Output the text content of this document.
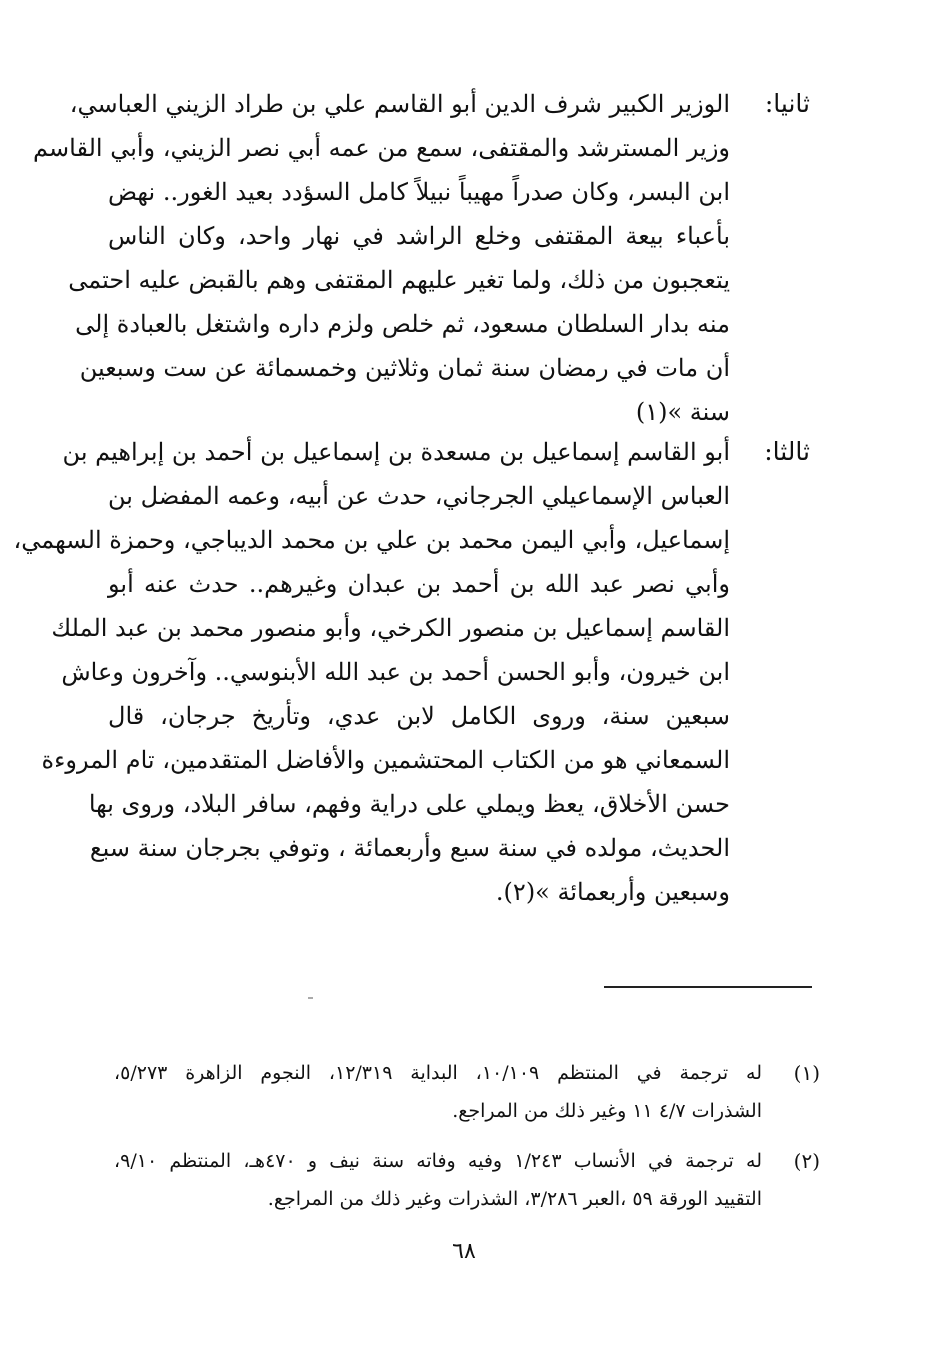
ثانيا:
الوزير الكبير شرف الدين أبو القاسم علي بن طراد الزيني العباسي،
وزير المسترشد والمقتفى، سمع من عمه أبي نصر الزيني، وأبي القاسم
ابن البسر، وكان صدراً مهيباً نبيلاً كامل السؤدد بعيد الغور.. نهض
بأعباء بيعة المقتفى وخلع الراشد في نهار واحد، وكان الناس
يتعجبون من ذلك، ولما تغير عليهم المقتفى وهم بالقبض عليه احتمى
منه بدار السلطان مسعود، ثم خلص ولزم داره واشتغل بالعبادة إلى
أن مات في رمضان سنة ثمان وثلاثين وخمسمائة عن ست وسبعين
سنة »(١)
ثالثا:
أبو القاسم إسماعيل بن مسعدة بن إسماعيل بن أحمد بن إبراهيم بن
العباس الإسماعيلي الجرجاني، حدث عن أبيه، وعمه المفضل بن
إسماعيل، وأبي اليمن محمد بن علي بن محمد الديباجي، وحمزة السهمي،
وأبي نصر عبد الله بن أحمد بن عبدان وغيرهم.. حدث عنه أبو
القاسم إسماعيل بن منصور الكرخي، وأبو منصور محمد بن عبد الملك
ابن خيرون، وأبو الحسن أحمد بن عبد الله الأبنوسي.. وآخرون وعاش
سبعين سنة، وروى الكامل لابن عدي، وتأريخ جرجان، قال
السمعاني هو من الكتاب المحتشمين والأفاضل المتقدمين، تام المروءة
حسن الأخلاق، يعظ ويملي على دراية وفهم، سافر البلاد، وروى بها
الحديث، مولده في سنة سبع وأربعمائة ، وتوفي بجرجان سنة سبع
وسبعين وأربعمائة »(٢).
(١)
له ترجمة في المنتظم ١٠/١٠٩، البداية ١٢/٣١٩، النجوم الزاهرة ٥/٢٧٣،
الشذرات ٤/٧ ١١ وغير ذلك من المراجع.
(٢)
له ترجمة في الأنساب ١/٢٤٣ وفيه وفاته سنة نيف و ٤٧٠هـ، المنتظم ٩/١٠،
التقييد الورقة ٥٩ ،العبر ٣/٢٨٦، الشذرات وغير ذلك من المراجع.
٦٨
